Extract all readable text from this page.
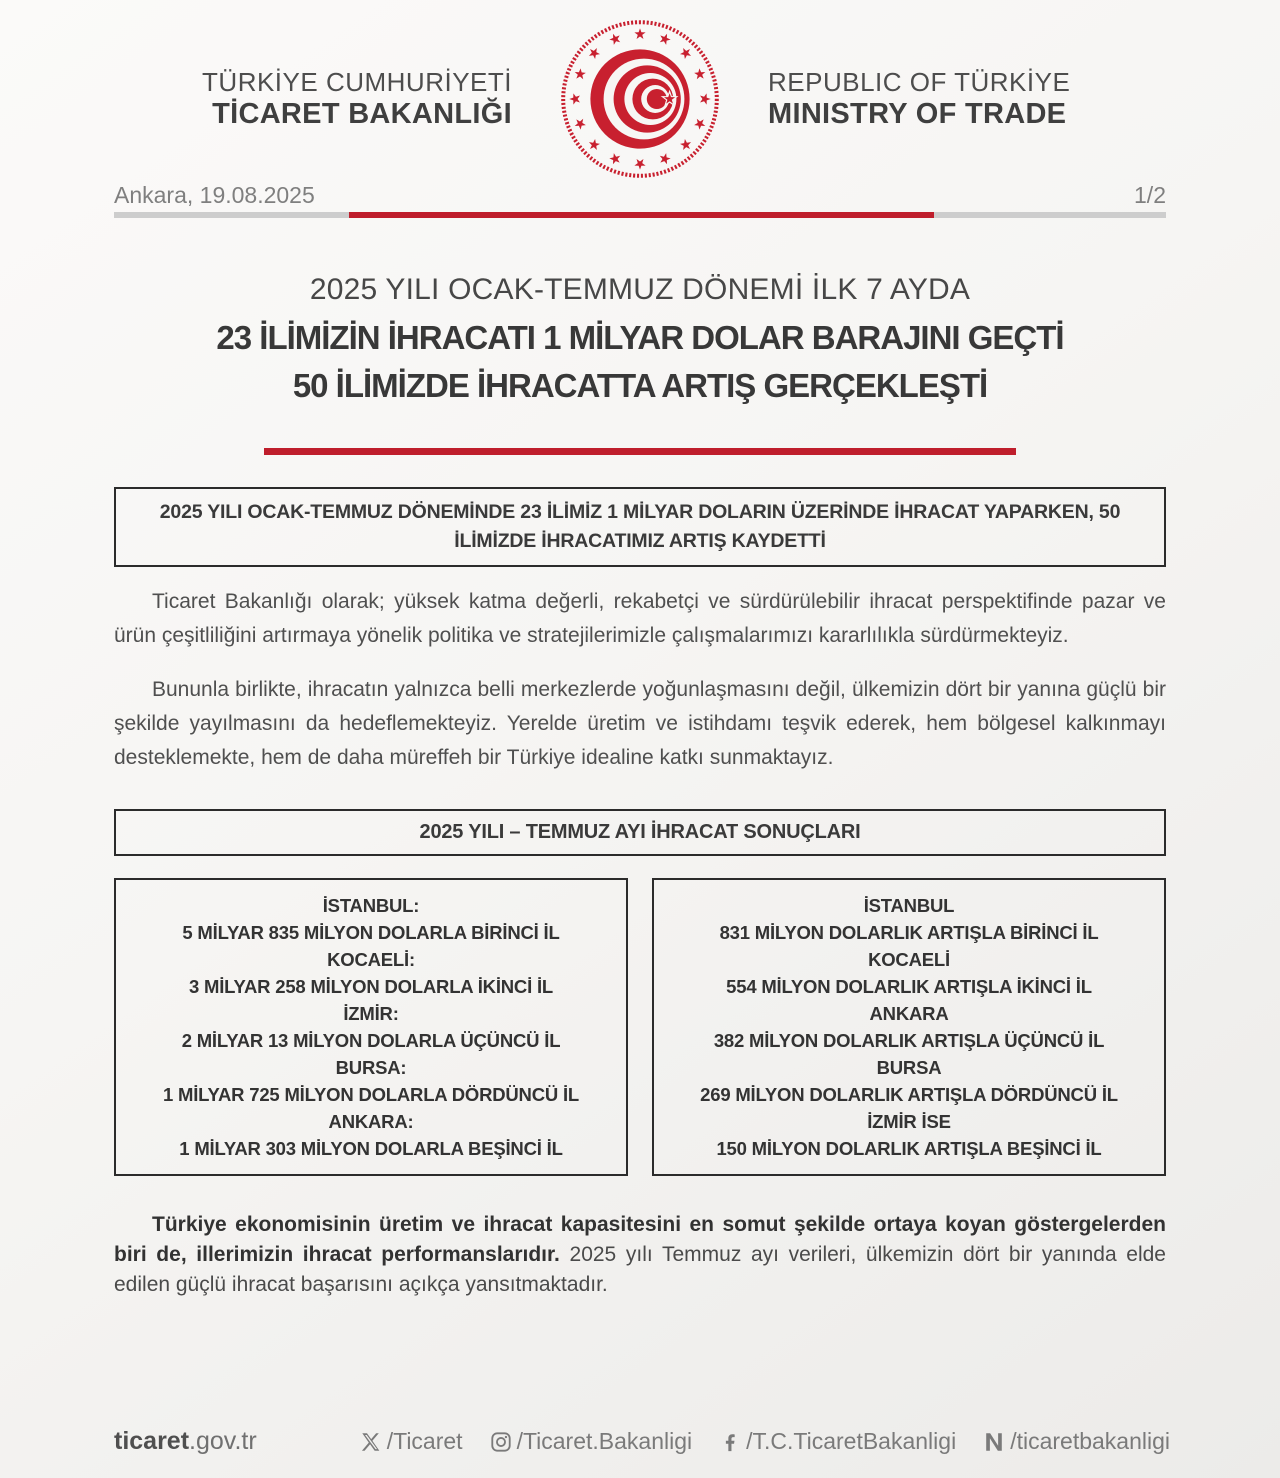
TÜRKİYE CUMHURİYETİ
TİCARET BAKANLIĞI
REPUBLIC OF TÜRKİYE
MINISTRY OF TRADE
Ankara, 19.08.2025	1/2
2025 YILI OCAK-TEMMUZ DÖNEMİ İLK 7 AYDA
23 İLİMİZİN İHRACATI 1 MİLYAR DOLAR BARAJINI GEÇTİ
50 İLİMİZDE İHRACATTA ARTIŞ GERÇEKLEŞTİ

2025 YILI OCAK-TEMMUZ DÖNEMİNDE 23 İLİMİZ 1 MİLYAR DOLARIN ÜZERİNDE İHRACAT YAPARKEN, 50 İLİMİZDE İHRACATIMIZ ARTIŞ KAYDETTİ

Ticaret Bakanlığı olarak; yüksek katma değerli, rekabetçi ve sürdürülebilir ihracat perspektifinde pazar ve ürün çeşitliliğini artırmaya yönelik politika ve stratejilerimizle çalışmalarımızı kararlılıkla sürdürmekteyiz.

Bununla birlikte, ihracatın yalnızca belli merkezlerde yoğunlaşmasını değil, ülkemizin dört bir yanına güçlü bir şekilde yayılmasını da hedeflemekteyiz. Yerelde üretim ve istihdamı teşvik ederek, hem bölgesel kalkınmayı desteklemekte, hem de daha müreffeh bir Türkiye idealine katkı sunmaktayız.

2025 YILI – TEMMUZ AYI İHRACAT SONUÇLARI

İSTANBUL:
5 MİLYAR 835 MİLYON DOLARLA BİRİNCİ İL
KOCAELİ:
3 MİLYAR 258 MİLYON DOLARLA İKİNCİ İL
İZMİR:
2 MİLYAR 13 MİLYON DOLARLA ÜÇÜNCÜ İL
BURSA:
1 MİLYAR 725 MİLYON DOLARLA DÖRDÜNCÜ İL
ANKARA:
1 MİLYAR 303 MİLYON DOLARLA BEŞİNCİ İL
İSTANBUL
831 MİLYON DOLARLIK ARTIŞLA BİRİNCİ İL
KOCAELİ
554 MİLYON DOLARLIK ARTIŞLA İKİNCİ İL
ANKARA
382 MİLYON DOLARLIK ARTIŞLA ÜÇÜNCÜ İL
BURSA
269 MİLYON DOLARLIK ARTIŞLA DÖRDÜNCÜ İL
İZMİR İSE
150 MİLYON DOLARLIK ARTIŞLA BEŞİNCİ İL

Türkiye ekonomisinin üretim ve ihracat kapasitesini en somut şekilde ortaya koyan göstergelerden biri de, illerimizin ihracat performanslarıdır. 2025 yılı Temmuz ayı verileri, ülkemizin dört bir yanında elde edilen güçlü ihracat başarısını açıkça yansıtmaktadır.

ticaret.gov.tr	/Ticaret /Ticaret.Bakanligi /T.C.TicaretBakanligi /ticaretbakanligi
